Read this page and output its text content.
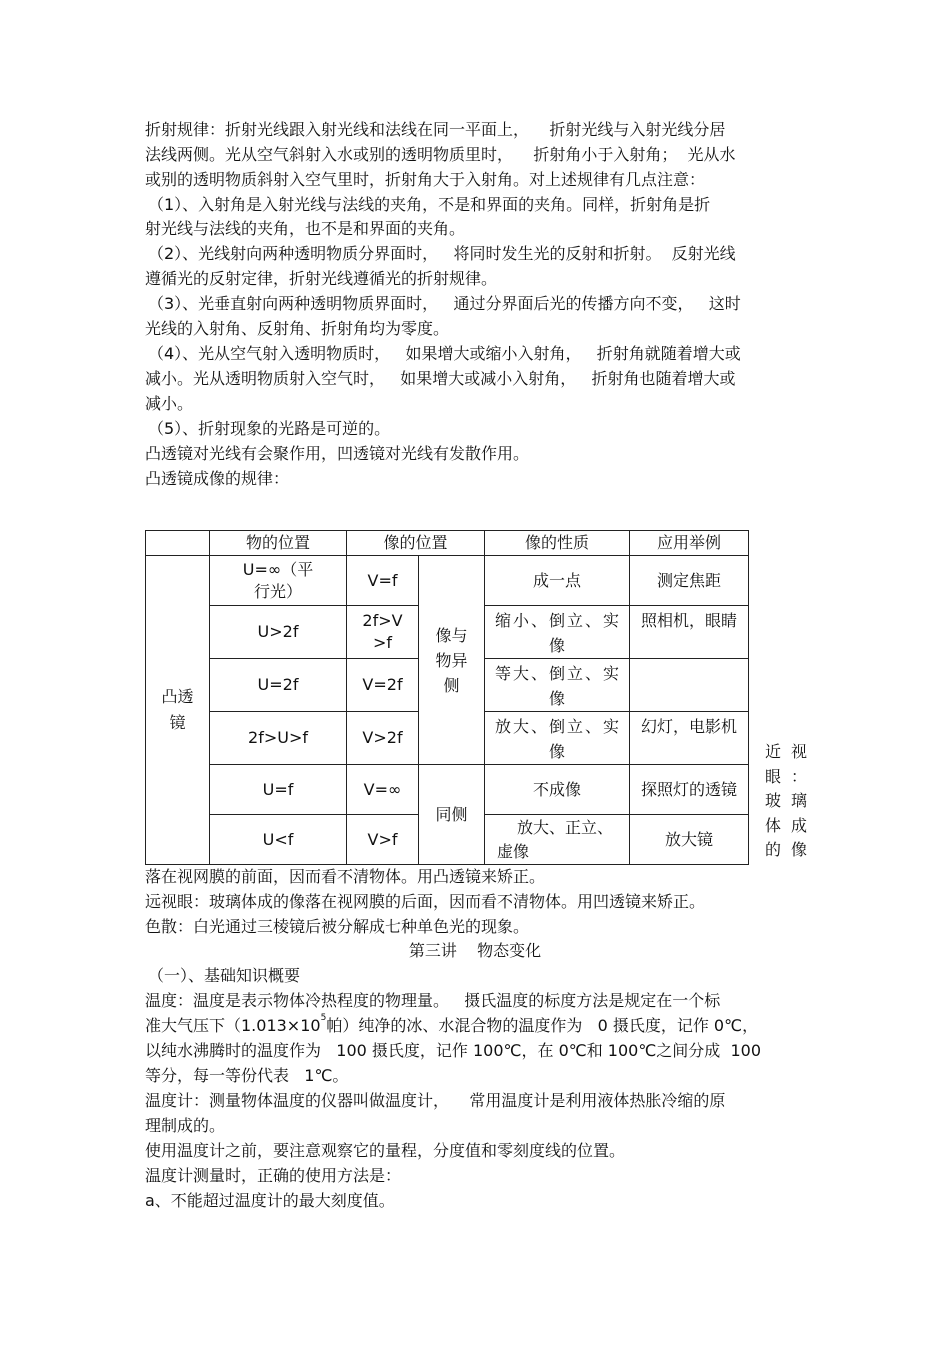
折射规律：折射光线跟入射光线和法线在同一平面上，    折射光线与入射光线分居
法线两侧。光从空气斜射入水或别的透明物质里时，    折射角小于入射角；  光从水
或别的透明物质斜射入空气里时，折射角大于入射角。对上述规律有几点注意：
（1）、入射角是入射光线与法线的夹角，不是和界面的夹角。同样，折射角是折
射光线与法线的夹角，也不是和界面的夹角。
（2）、光线射向两种透明物质分界面时，   将同时发生光的反射和折射。  反射光线
遵循光的反射定律，折射光线遵循光的折射规律。
（3）、光垂直射向两种透明物质界面时，   通过分界面后光的传播方向不变，   这时
光线的入射角、反射角、折射角均为零度。
（4）、光从空气射入透明物质时，   如果增大或缩小入射角，   折射角就随着增大或
减小。光从透明物质射入空气时，   如果增大或减小入射角，   折射角也随着增大或
减小。
（5）、折射现象的光路是可逆的。
凸透镜对光线有会聚作用，凹透镜对光线有发散作用。
凸透镜成像的规律：
	物的位置	像的位置		像的性质	应用举例

凸透镜	U=∞（平行光）	V=f	像与物异侧	成一点	测定焦距
	U>2f	2f>V>f		缩小、倒立、实像	照相机，眼睛
	U=2f	V=2f		等大、倒立、实像	
	2f>U>f	V>2f		放大、倒立、实像	幻灯，电影机
	U=f	V=∞	同侧	不成像	探照灯的透镜

	U<f	V>f		放大、正立、虚像	放大镜
近视
眼：
玻璃
体成
的像
落在视网膜的前面，因而看不清物体。用凸透镜来矫正。
远视眼：玻璃体成的像落在视网膜的后面，因而看不清物体。用凹透镜来矫正。
色散：白光通过三棱镜后被分解成七种单色光的现象。
第三讲    物态变化
（一）、基础知识概要
温度：温度是表示物体冷热程度的物理量。   摄氏温度的标度方法是规定在一个标
准大气压下（$1.013\times 10^5$帕）纯净的冰、水混合物的温度作为   0 摄氏度，记作 0℃，
以纯水沸腾时的温度作为   100 摄氏度，记作 100℃，在 0℃和 100℃之间分成  100
等分，每一等份代表   1℃。
温度计：测量物体温度的仪器叫做温度计，    常用温度计是利用液体热胀冷缩的原
理制成的。
使用温度计之前，要注意观察它的量程，分度值和零刻度线的位置。
温度计测量时，正确的使用方法是：
a、不能超过温度计的最大刻度值。
